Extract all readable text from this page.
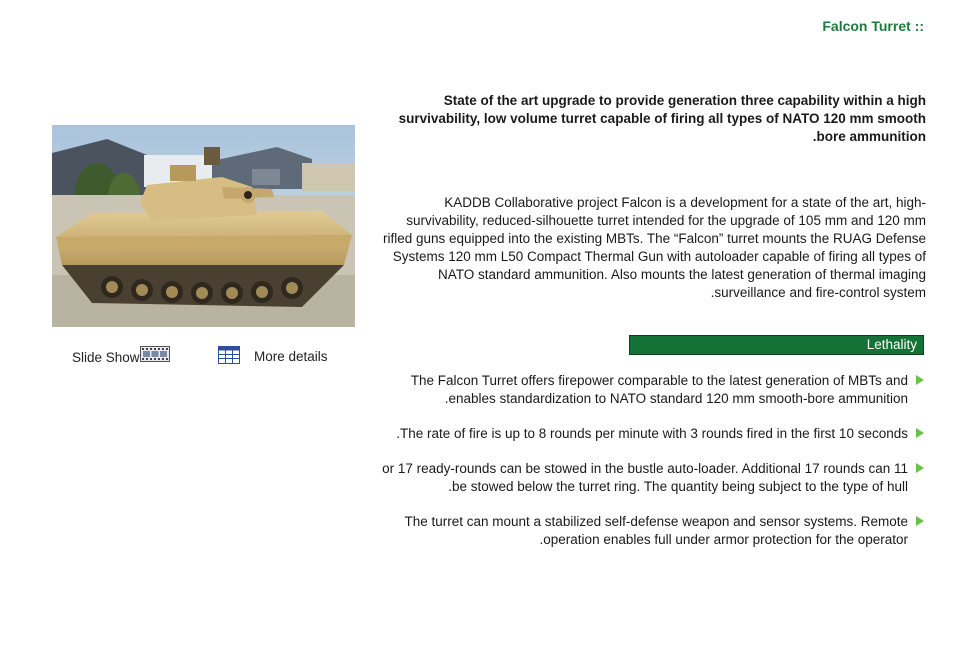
Falcon Turret ::
State of the art upgrade to provide generation three capability within a high survivability, low volume turret capable of firing all types of NATO 120 mm smooth bore ammunition.
KADDB Collaborative project Falcon is a development for a state of the art, high-survivability, reduced-silhouette turret intended for the upgrade of 105 mm and 120 mm rifled guns equipped into the existing MBTs. The “Falcon” turret mounts the RUAG Defense Systems 120 mm L50 Compact Thermal Gun with autoloader capable of firing all types of NATO standard ammunition. Also mounts the latest generation of thermal imaging surveillance and fire-control system.
Slide Show	More details
Lethality
The Falcon Turret offers firepower comparable to the latest generation of MBTs and enables standardization to NATO standard 120 mm smooth-bore ammunition.
The rate of fire is up to 8 rounds per minute with 3 rounds fired in the first 10 seconds.
11 or 17 ready-rounds can be stowed in the bustle auto-loader. Additional 17 rounds can be stowed below the turret ring. The quantity being subject to the type of hull.
The turret can mount a stabilized self-defense weapon and sensor systems. Remote operation enables full under armor protection for the operator.
